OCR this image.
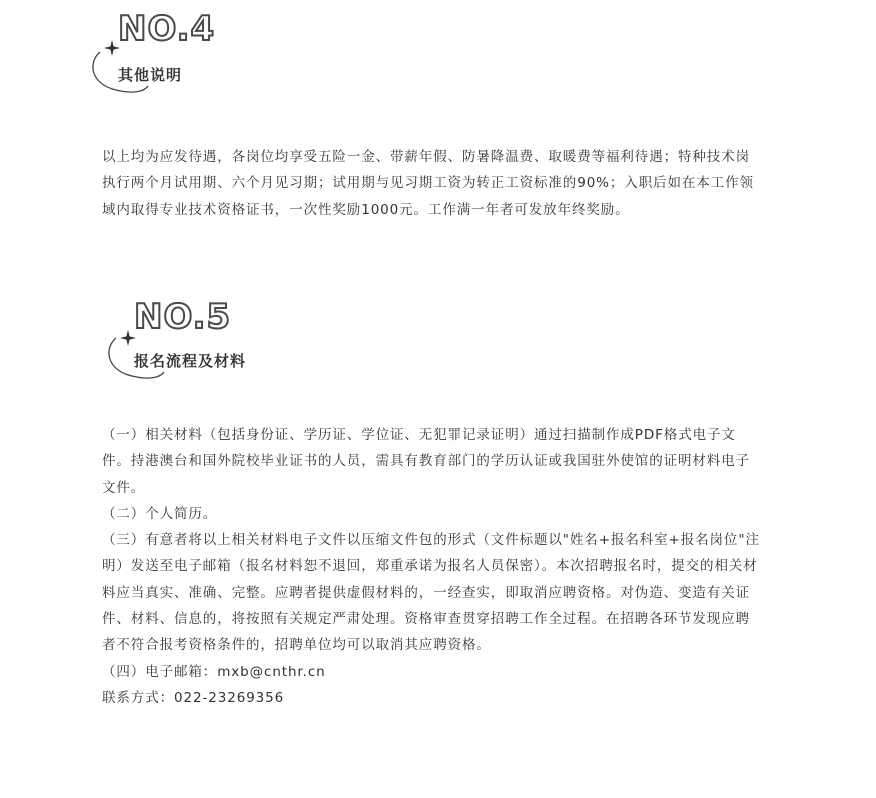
NO.4
其他说明

以上均为应发待遇，各岗位均享受五险一金、带薪年假、防暑降温费、取暖费等福利待遇；特种技术岗执行两个月试用期、六个月见习期；试用期与见习期工资为转正工资标准的90%；入职后如在本工作领域内取得专业技术资格证书，一次性奖励1000元。工作满一年者可发放年终奖励。

NO.5
报名流程及材料

（一）相关材料（包括身份证、学历证、学位证、无犯罪记录证明）通过扫描制作成PDF格式电子文件。持港澳台和国外院校毕业证书的人员，需具有教育部门的学历认证或我国驻外使馆的证明材料电子文件。

（二）个人简历。

（三）有意者将以上相关材料电子文件以压缩文件包的形式（文件标题以"姓名+报名科室+报名岗位"注明）发送至电子邮箱（报名材料恕不退回，郑重承诺为报名人员保密）。本次招聘报名时，提交的相关材料应当真实、准确、完整。应聘者提供虚假材料的，一经查实，即取消应聘资格。对伪造、变造有关证件、材料、信息的，将按照有关规定严肃处理。资格审查贯穿招聘工作全过程。在招聘各环节发现应聘者不符合报考资格条件的，招聘单位均可以取消其应聘资格。

（四）电子邮箱：mxb@cnthr.cn

联系方式：022-23269356
